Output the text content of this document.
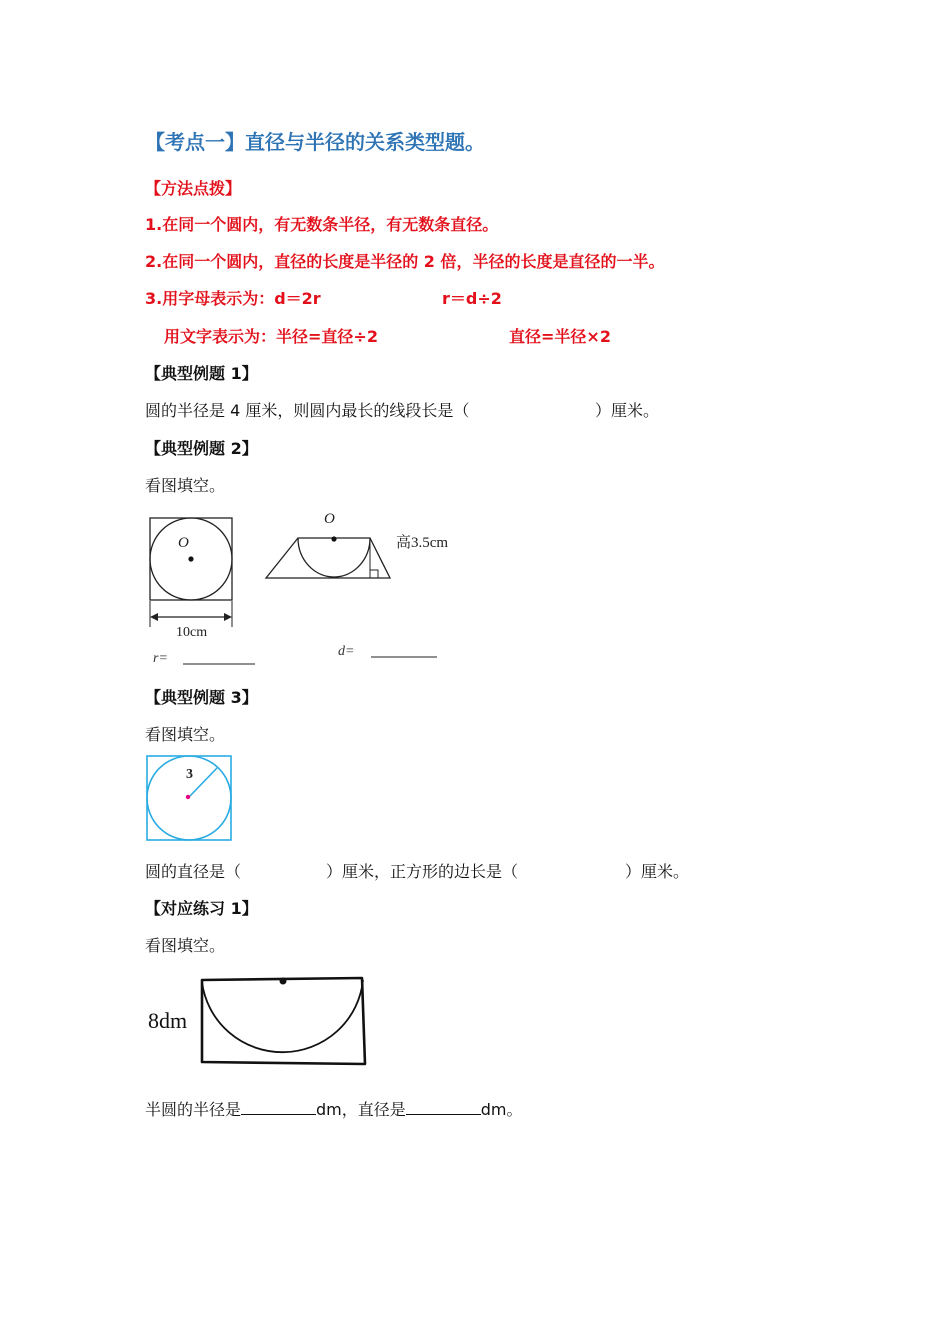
【考点一】直径与半径的关系类型题。
【方法点拨】
1.在同一个圆内，有无数条半径，有无数条直径。
2.在同一个圆内，直径的长度是半径的 2 倍，半径的长度是直径的一半。
3.用字母表示为：d＝2r	r＝d÷2
用文字表示为：半径=直径÷2	直径=半径×2
【典型例题 1】
圆的半径是 4 厘米，则圆内最长的线段长是（	）厘米。
【典型例题 2】
看图填空。
O
10cm
r=
O
高3.5cm
d=
【典型例题 3】
看图填空。
3
圆的直径是（	）厘米，正方形的边长是（	）厘米。
【对应练习 1】
看图填空。
8dm
半圆的半径是	dm，直径是	dm。
